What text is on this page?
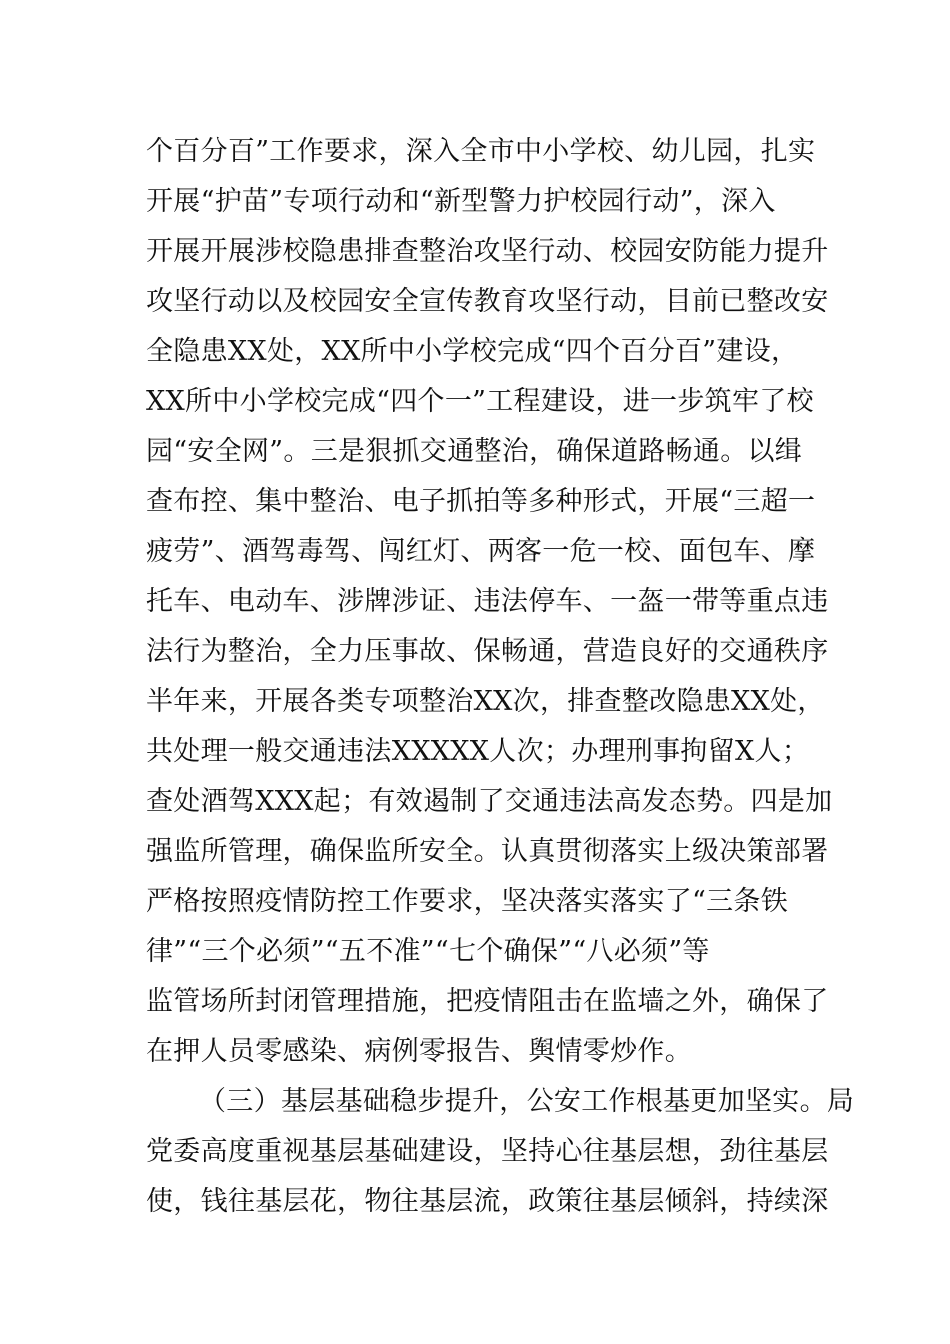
个百分百”工作要求，深入全市中小学校、幼儿园，扎实
开展“护苗”专项行动和“新型警力护校园行动”，深入
开展开展涉校隐患排查整治攻坚行动、校园安防能力提升
攻坚行动以及校园安全宣传教育攻坚行动，目前已整改安
全隐患XX处，XX所中小学校完成“四个百分百”建设，
XX所中小学校完成“四个一”工程建设，进一步筑牢了校
园“安全网”。三是狠抓交通整治，确保道路畅通。以缉
查布控、集中整治、电子抓拍等多种形式，开展“三超一
疲劳”、酒驾毒驾、闯红灯、两客一危一校、面包车、摩
托车、电动车、涉牌涉证、违法停车、一盔一带等重点违
法行为整治，全力压事故、保畅通，营造良好的交通秩序
半年来，开展各类专项整治XX次，排查整改隐患XX处，
共处理一般交通违法XXXXX人次；办理刑事拘留X人；
查处酒驾XXX起；有效遏制了交通违法高发态势。四是加
强监所管理，确保监所安全。认真贯彻落实上级决策部署
严格按照疫情防控工作要求，坚决落实落实了“三条铁
律”“三个必须”“五不准”“七个确保”“八必须”等
监管场所封闭管理措施，把疫情阻击在监墙之外，确保了
在押人员零感染、病例零报告、舆情零炒作。
（三）基层基础稳步提升，公安工作根基更加坚实。局
党委高度重视基层基础建设，坚持心往基层想，劲往基层
使，钱往基层花，物往基层流，政策往基层倾斜，持续深
